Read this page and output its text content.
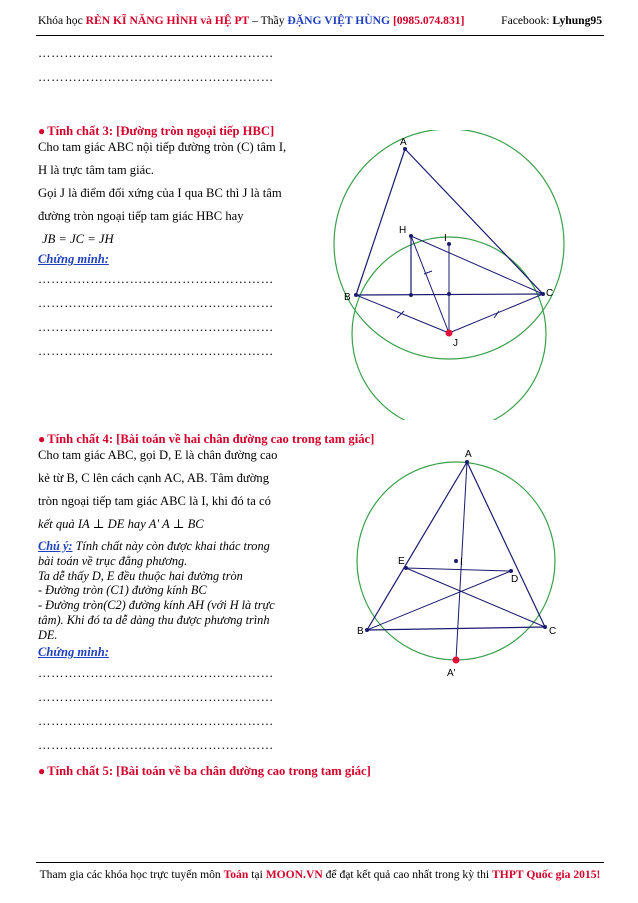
Khóa học RÈN KĨ NĂNG HÌNH và HỆ PT – Thầy ĐẶNG VIỆT HÙNG [0985.074.831]	Facebook: Lyhung95
………………………………………………
………………………………………………
● Tính chất 3: [Đường tròn ngoại tiếp HBC]
Cho tam giác ABC nội tiếp đường tròn (C) tâm I,
H là trực tâm tam giác.
Gọi J là điểm đối xứng của I qua BC thì J là tâm
đường tròn ngoại tiếp tam giác HBC hay
JB = JC = JH
Chứng minh:
………………………………………………
………………………………………………
………………………………………………
………………………………………………
A
H
I
B	C
J
● Tính chất 4: [Bài toán về hai chân đường cao trong tam giác]
Cho tam giác ABC, gọi D, E là chân đường cao
kẻ từ B, C lên cách cạnh AC, AB. Tâm đường
tròn ngoại tiếp tam giác ABC là I, khi đó ta có
kết quả IA ⊥ DE hay A' A ⊥ BC
Chú ý: Tính chất này còn được khai thác trong
bài toán về trục đẳng phương.
Ta dễ thấy D, E đều thuộc hai đường tròn
- Đường tròn (C1) đường kính BC
- Đường tròn(C2) đường kính AH (với H là trực
tâm). Khi đó ta dễ dàng thu được phương trình
DE.
Chứng minh:
………………………………………………
………………………………………………
………………………………………………
………………………………………………
A
E	I
D
B	C
A'
● Tính chất 5: [Bài toán về ba chân đường cao trong tam giác]
Tham gia các khóa học trực tuyến môn Toán tại MOON.VN để đạt kết quả cao nhất trong kỳ thi THPT Quốc gia 2015!
